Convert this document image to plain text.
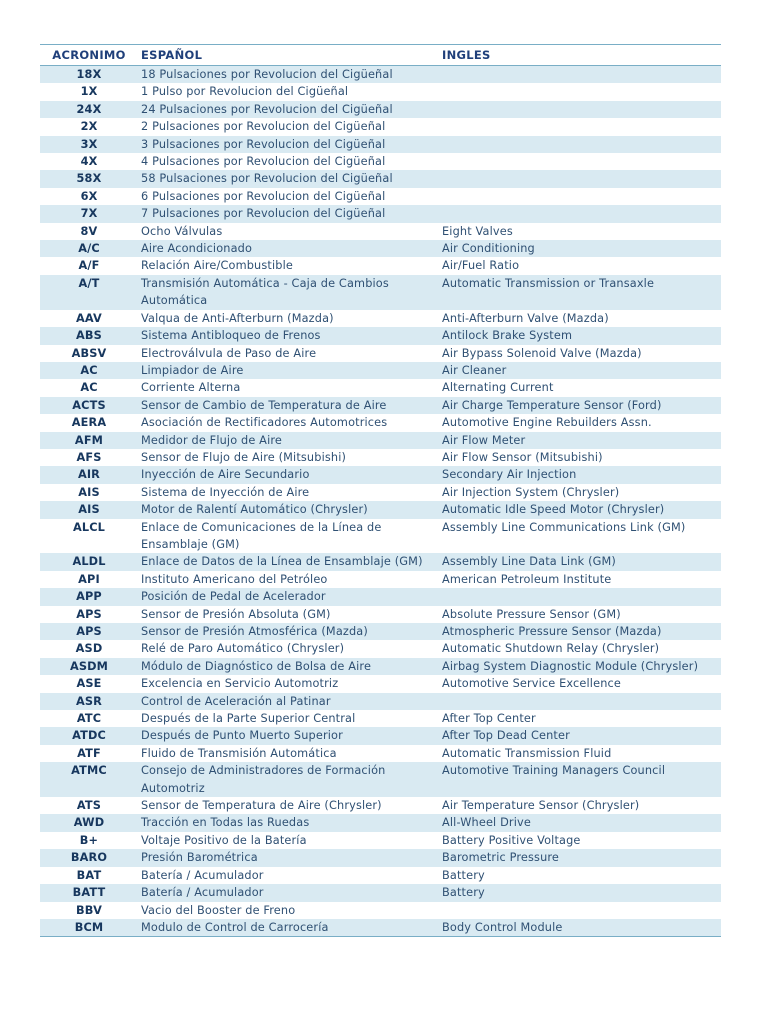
ACRONIMO	ESPAÑOL	INGLES
18X	18 Pulsaciones por Revolucion del Cigüeñal	
1X	1 Pulso por Revolucion del Cigüeñal	
24X	24 Pulsaciones por Revolucion del Cigüeñal	
2X	2 Pulsaciones por Revolucion del Cigüeñal	
3X	3 Pulsaciones por Revolucion del Cigüeñal	
4X	4 Pulsaciones por Revolucion del Cigüeñal	
58X	58 Pulsaciones por Revolucion del Cigüeñal	
6X	6 Pulsaciones por Revolucion del Cigüeñal	
7X	7 Pulsaciones por Revolucion del Cigüeñal	
8V	Ocho Válvulas	Eight Valves
A/C	Aire Acondicionado	Air Conditioning
A/F	Relación Aire/Combustible	Air/Fuel Ratio
A/T	Transmisión Automática - Caja de Cambios Automática	Automatic Transmission or Transaxle
AAV	Valqua de Anti-Afterburn (Mazda)	Anti-Afterburn Valve (Mazda)
ABS	Sistema Antibloqueo de Frenos	Antilock Brake System
ABSV	Electroválvula de Paso de Aire	Air Bypass Solenoid Valve (Mazda)
AC	Limpiador de Aire	Air Cleaner
AC	Corriente Alterna	Alternating Current
ACTS	Sensor de Cambio de Temperatura de Aire	Air Charge Temperature Sensor (Ford)
AERA	Asociación de Rectificadores Automotrices	Automotive Engine Rebuilders Assn.
AFM	Medidor de Flujo de Aire	Air Flow Meter
AFS	Sensor de Flujo de Aire (Mitsubishi)	Air Flow Sensor (Mitsubishi)
AIR	Inyección de Aire Secundario	Secondary Air Injection
AIS	Sistema de Inyección de Aire	Air Injection System (Chrysler)
AIS	Motor de Ralentí Automático (Chrysler)	Automatic Idle Speed Motor (Chrysler)
ALCL	Enlace de Comunicaciones de la Línea de Ensamblaje (GM)	Assembly Line Communications Link (GM)
ALDL	Enlace de Datos de la Línea de Ensamblaje (GM)	Assembly Line Data Link (GM)
API	Instituto Americano del Petróleo	American Petroleum Institute
APP	Posición de Pedal de Acelerador	
APS	Sensor de Presión Absoluta (GM)	Absolute Pressure Sensor (GM)
APS	Sensor de Presión Atmosférica (Mazda)	Atmospheric Pressure Sensor (Mazda)
ASD	Relé de Paro Automático (Chrysler)	Automatic Shutdown Relay (Chrysler)
ASDM	Módulo de Diagnóstico de Bolsa de Aire	Airbag System Diagnostic Module (Chrysler)
ASE	Excelencia en Servicio Automotriz	Automotive Service Excellence
ASR	Control de Aceleración al Patinar	
ATC	Después de la Parte Superior Central	After Top Center
ATDC	Después de Punto Muerto Superior	After Top Dead Center
ATF	Fluido de Transmisión Automática	Automatic Transmission Fluid
ATMC	Consejo de Administradores de Formación Automotriz	Automotive Training Managers Council
ATS	Sensor de Temperatura de Aire (Chrysler)	Air Temperature Sensor (Chrysler)
AWD	Tracción en Todas las Ruedas	All-Wheel Drive
B+	Voltaje Positivo de la Batería	Battery Positive Voltage
BARO	Presión Barométrica	Barometric Pressure
BAT	Batería / Acumulador	Battery
BATT	Batería / Acumulador	Battery
BBV	Vacio del Booster de Freno	
BCM	Modulo de Control de Carrocería	Body Control Module
